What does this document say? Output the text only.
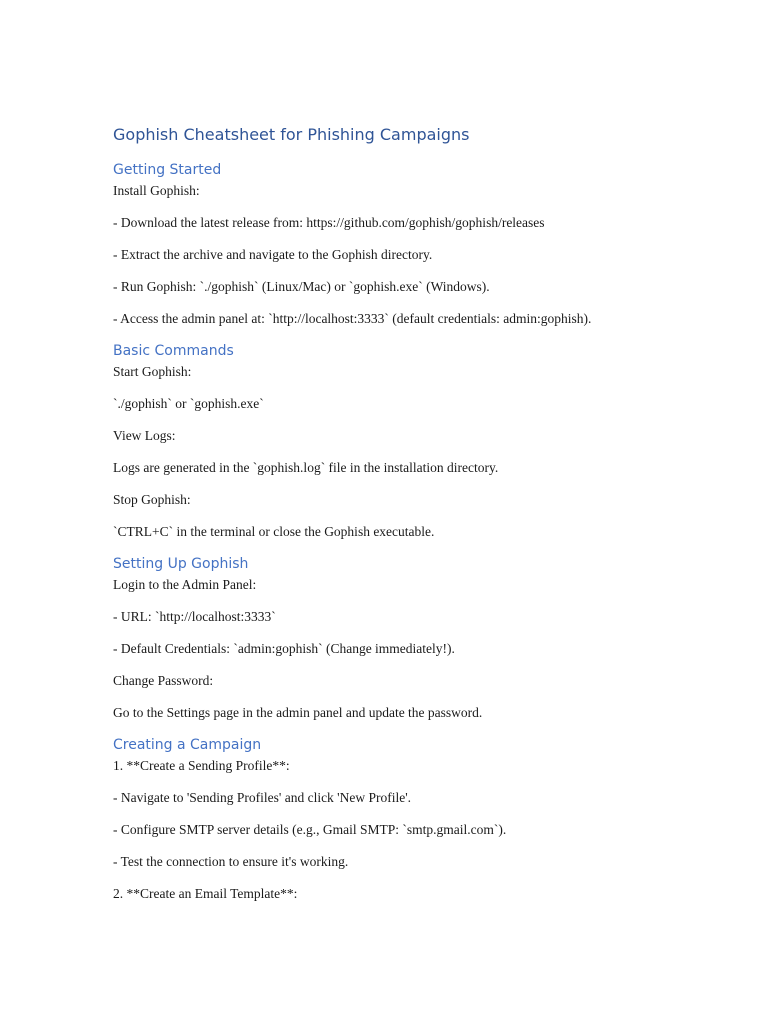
Gophish Cheatsheet for Phishing Campaigns
Getting Started

Install Gophish:

- Download the latest release from: https://github.com/gophish/gophish/releases

- Extract the archive and navigate to the Gophish directory.

- Run Gophish: `./gophish` (Linux/Mac) or `gophish.exe` (Windows).

- Access the admin panel at: `http://localhost:3333` (default credentials: admin:gophish).

Basic Commands

Start Gophish:

`./gophish` or `gophish.exe`

View Logs:

Logs are generated in the `gophish.log` file in the installation directory.

Stop Gophish:

`CTRL+C` in the terminal or close the Gophish executable.

Setting Up Gophish

Login to the Admin Panel:

- URL: `http://localhost:3333`

- Default Credentials: `admin:gophish` (Change immediately!).

Change Password:

Go to the Settings page in the admin panel and update the password.

Creating a Campaign

1. **Create a Sending Profile**:

- Navigate to 'Sending Profiles' and click 'New Profile'.

- Configure SMTP server details (e.g., Gmail SMTP: `smtp.gmail.com`).

- Test the connection to ensure it's working.

2. **Create an Email Template**:
